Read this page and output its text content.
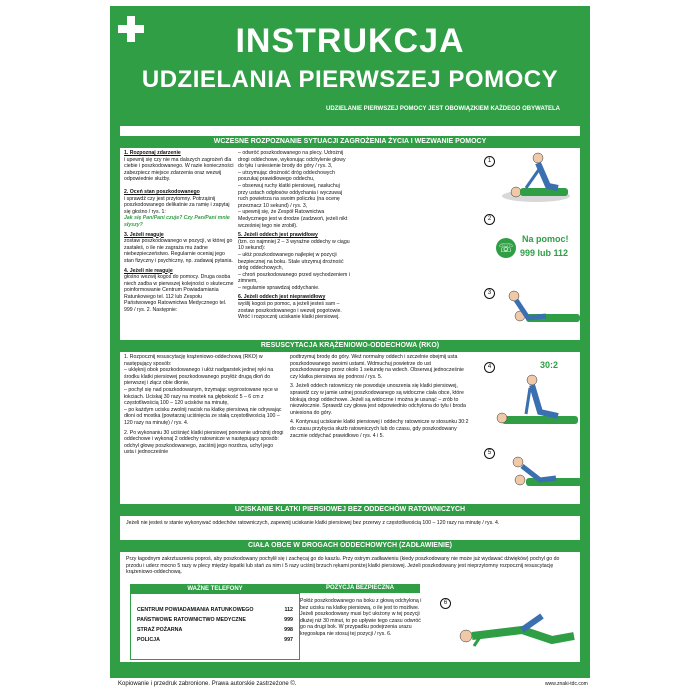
INSTRUKCJA
UDZIELANIA PIERWSZEJ POMOCY
UDZIELANIE PIERWSZEJ POMOCY JEST OBOWIĄZKIEM KAŻDEGO OBYWATELA
tdc
WCZESNE ROZPOZNANIE SYTUACJI ZAGROŻENIA ŻYCIA I WEZWANIE POMOCY
1. Rozpoznaj zdarzenie
i upewnij się czy nie ma dalszych zagrożeń dla ciebie i poszkodowanego. W razie konieczności zabezpiecz miejsce zdarzenia oraz wezwij odpowiednie służby.
2. Oceń stan poszkodowanego
i sprawdź czy jest przytomny. Potrząśnij poszkodowanego delikatnie za ramię i zapytaj się głośno / rys. 1:
Jak się Pan/Pani czuje? Czy Pan/Pani mnie słyszy?
3. Jeżeli reaguje
zostaw poszkodowanego w pozycji, w której go zastałeś, o ile nie zagraża mu żadne niebezpieczeństwo. Regularnie oceniaj jego stan fizyczny i psychiczny, np. zadawaj pytania.
4. Jeżeli nie reaguje
głośno wezwij kogoś do pomocy. Druga osoba niech zadba w pierwszej kolejności o skuteczne poinformowanie Centrum Powiadamiania Ratunkowego tel. 112 lub Zespołu Państwowego Ratownictwa Medycznego tel. 999 / rys. 2. Następnie:
– odwróć poszkodowanego na plecy. Udrożnij drogi oddechowe, wykonując odchylenie głowy do tyłu i uniesienie brody do góry / rys. 3,
– utrzymując drożność dróg oddechowych poszukaj prawidłowego oddechu,
– obserwuj ruchy klatki piersiowej, nasłuchuj przy ustach odgłosów oddychania i wyczuwaj ruch powietrza na swoim policzku (na ocenę przeznacz 10 sekund) / rys. 3,
– upewnij się, że Zespół Ratownictwa Medycznego jest w drodze (zadzwoń, jeżeli nikt wcześniej tego nie zrobił).
5. Jeżeli oddech jest prawidłowy
(tzn. co najmniej 2 – 3 wyraźne oddechy w ciągu 10 sekund):
– ułóż poszkodowanego najlepiej w pozycji bezpiecznej na boku. Stale utrzymuj drożność dróg oddechowych,
– chroń poszkodowanego przed wychodzeniem i zimnem,
– regularnie sprawdzaj oddychanie.
6. Jeżeli oddech jest nieprawidłowy
wyślij kogoś po pomoc, a jeżeli jesteś sam – zostaw poszkodowanego i wezwij pogotowie. Wróć i rozpocznij uciskanie klatki piersiowej.
1
2
☏
Na pomoc!
999 lub 112
3
RESUSCYTACJA KRĄŻENIOWO-ODDECHOWA (RKO)
1. Rozpocznij resuscytację krążeniowo-oddechową (RKO) w następujący sposób:
– uklęknij obok poszkodowanego i ułóż nadgarstek jednej ręki na środku klatki piersiowej poszkodowanego przyłóż drugą dłoń do pierwszej i złącz obie dłonie,
– pochyl się nad poszkodowanym, trzymając wyprostowane ręce w łokciach. Uciskaj 30 razy na mostek na głębokość 5 – 6 cm z częstotliwością 100 – 120 ucisków na minutę,
– po każdym ucisku zwolnij nacisk na klatkę piersiową nie odrywając dłoni od mostka (powtarzaj uciśnięcia ze stałą częstotliwością 100 – 120 razy na minutę) / rys. 4.
2. Po wykonaniu 30 uciśnięć klatki piersiowej ponownie udrożnij drogi oddechowe i wykonaj 2 oddechy ratownicze w następujący sposób: odchyl głowę poszkodowanego, zaciśnij jego nozdrza, uchyl jego usta i jednocześnie
podtrzymuj brodę do góry. Weź normalny oddech i szczelnie obejmij usta poszkodowanego swoimi ustami. Wdmuchuj powietrze do ust poszkodowanego przez około 1 sekundę na wdech. Obserwuj jednocześnie czy klatka piersiowa się podnosi / rys. 5.
3. Jeżeli oddech ratowniczy nie powoduje unoszenia się klatki piersiowej, sprawdź czy w jamie ustnej poszkodowanego są widoczne ciała obce, które blokują drogi oddechowe. Jeżeli są widoczne i można je usunąć – zrób to niezwłocznie. Sprawdź czy głowa jest odpowiednio odchylona do tyłu i broda uniesiona do góry.
4. Kontynuuj uciskanie klatki piersiowej i oddechy ratownicze w stosunku 30:2 do czasu przybycia służb ratowniczych lub do czasu, gdy poszkodowany zacznie oddychać prawidłowo / rys. 4 i 5.
4	30:2
5
UCISKANIE KLATKI PIERSIOWEJ BEZ ODDECHÓW RATOWNICZYCH
Jeżeli nie jesteś w stanie wykonywać oddechów ratowniczych, zapewnij uciskanie klatki piersiowej bez przerwy z częstotliwością 100 – 120 razy na minutę / rys. 4.
CIAŁA OBCE W DROGACH ODDECHOWYCH (ZADŁAWIENIE)
Przy łagodnym zakrztuszeniu poproś, aby poszkodowany pochylił się i zachęcaj go do kaszlu. Przy ostrym zadławieniu (kiedy poszkodowany nie może już wydawać dźwięków) pochyl go do przodu i uderz mocno 5 razy w plecy między łopatki lub stań za nim i 5 razy uciśnij brzuch rękami poniżej klatki piersiowej. Jeżeli poszkodowany jest nieprzytomny rozpocznij resuscytację krążeniowo-oddechową.
WAŻNE TELEFONY
CENTRUM POWIADAMIANIA RATUNKOWEGO	112
PAŃSTWOWE RATOWNICTWO MEDYCZNE	999
STRAŻ POŻARNA	998
POLICJA	997
POZYCJA BEZPIECZNA
Połóż poszkodowanego na boku z głową odchyloną i bez ucisku na klatkę piersiową, o ile jest to możliwe. Jeżeli poszkodowany musi być ułożony w tej pozycji dłużej niż 30 minut, to po upływie tego czasu odwróć go na drugi bok. W przypadku podejrzenia urazu kręgosłupa nie stosuj tej pozycji / rys. 6.
6
Kopiowanie i przedruk zabronione. Prawa autorskie zastrzeżone ©.	www.znaki-tdc.com
